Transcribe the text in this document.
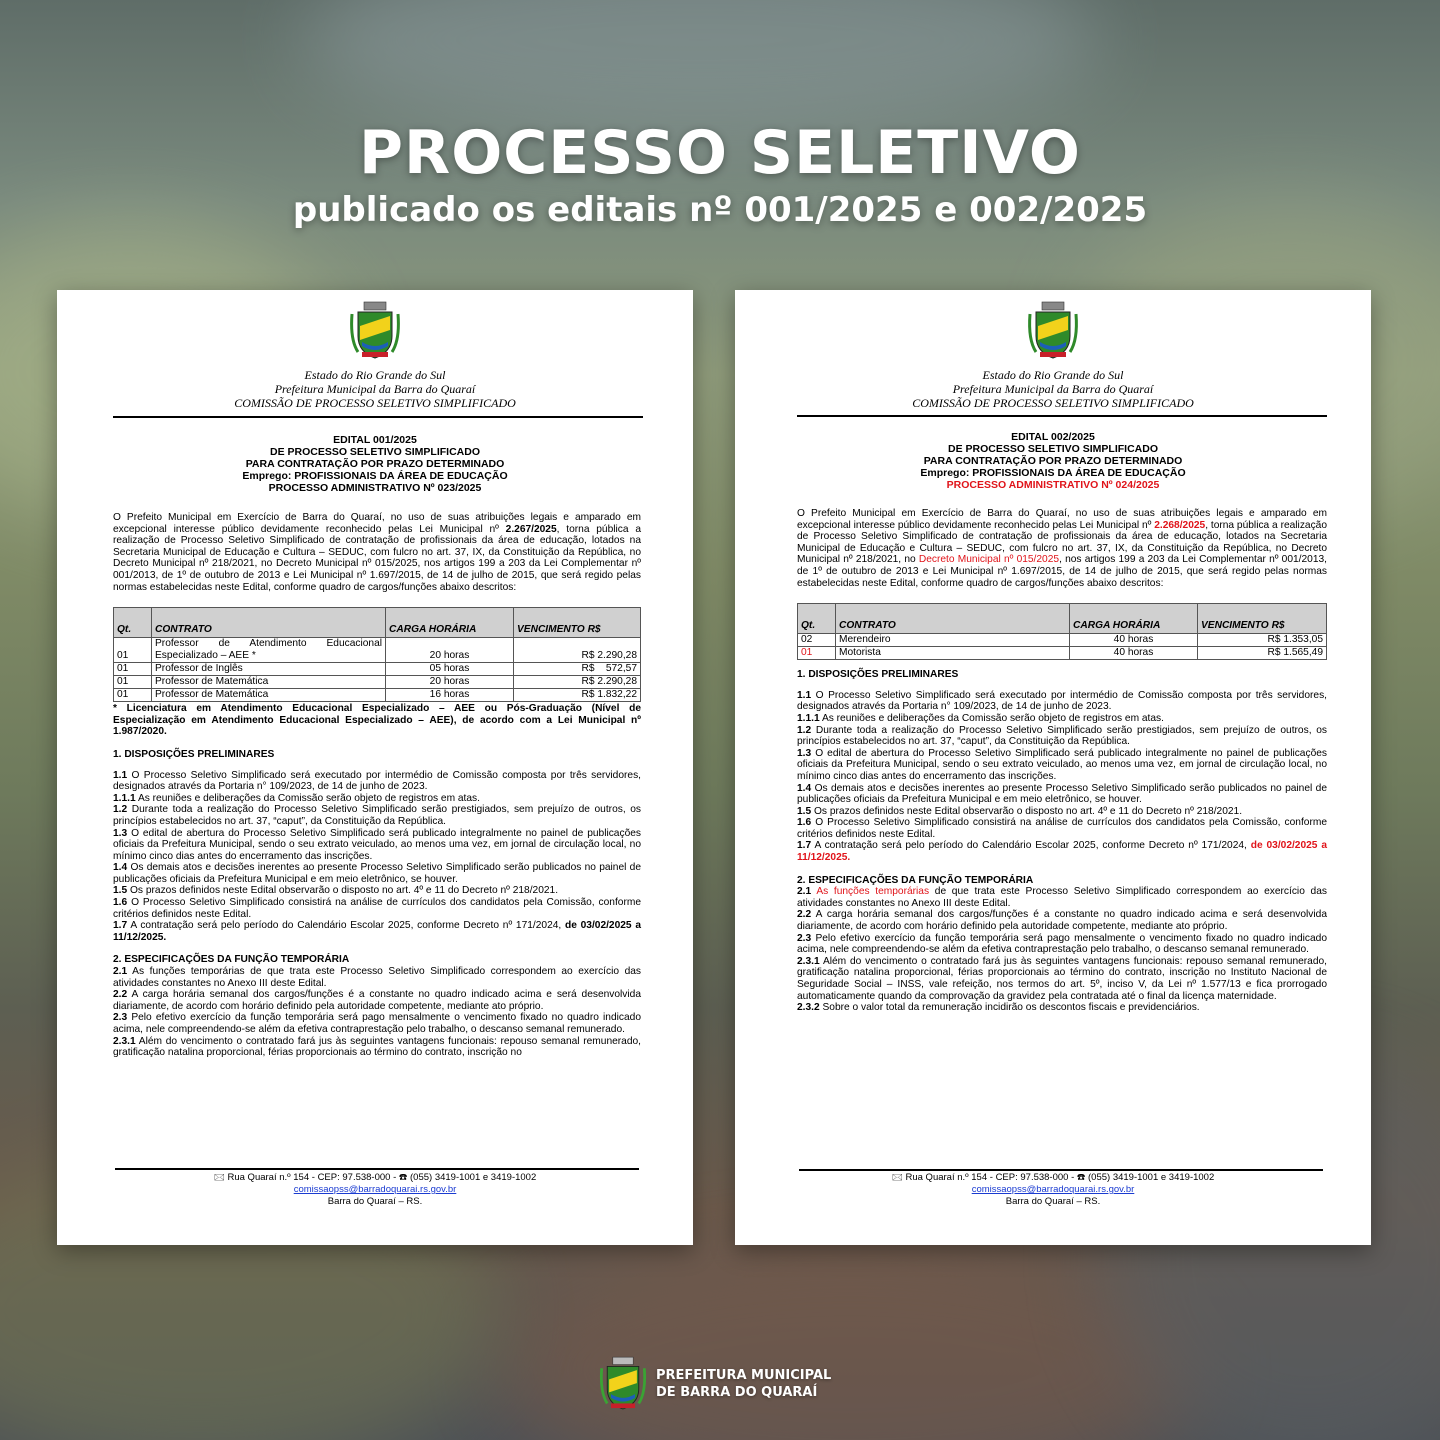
PROCESSO SELETIVO
publicado os editais nº 001/2025 e 002/2025
Estado do Rio Grande do Sul
Prefeitura Municipal da Barra do Quaraí
COMISSÃO DE PROCESSO SELETIVO SIMPLIFICADO
EDITAL 001/2025
DE PROCESSO SELETIVO SIMPLIFICADO
PARA CONTRATAÇÃO POR PRAZO DETERMINADO
Emprego: PROFISSIONAIS DA ÁREA DE EDUCAÇÃO
PROCESSO ADMINISTRATIVO Nº 023/2025

O Prefeito Municipal em Exercício de Barra do Quaraí, no uso de suas atribuições legais e amparado em excepcional interesse público devidamente reconhecido pelas Lei Municipal nº 2.267/2025, torna pública a realização de Processo Seletivo Simplificado de contratação de profissionais da área de educação, lotados na Secretaria Municipal de Educação e Cultura – SEDUC, com fulcro no art. 37, IX, da Constituição da República, no Decreto Municipal nº 218/2021, no Decreto Municipal nº 015/2025, nos artigos 199 a 203 da Lei Complementar nº 001/2013, de 1º de outubro de 2013 e Lei Municipal nº 1.697/2015, de 14 de julho de 2015, que será regido pelas normas estabelecidas neste Edital, conforme quadro de cargos/funções abaixo descritos:

Qt.	CONTRATO	CARGA HORÁRIA	VENCIMENTO R$
01	Professor de Atendimento Educacional Especializado – AEE *	20 horas	R$ 2.290,28
01	Professor de Inglês	05 horas	R$    572,57
01	Professor de Matemática	20 horas	R$ 2.290,28
01	Professor de Matemática	16 horas	R$ 1.832,22

* Licenciatura em Atendimento Educacional Especializado – AEE ou Pós-Graduação (Nível de Especialização em Atendimento Educacional Especializado – AEE), de acordo com a Lei Municipal nº 1.987/2020.

1. DISPOSIÇÕES PRELIMINARES

1.1 O Processo Seletivo Simplificado será executado por intermédio de Comissão composta por três servidores, designados através da Portaria n° 109/2023, de 14 de junho de 2023.

1.1.1 As reuniões e deliberações da Comissão serão objeto de registros em atas.

1.2 Durante toda a realização do Processo Seletivo Simplificado serão prestigiados, sem prejuízo de outros, os princípios estabelecidos no art. 37, “caput”, da Constituição da República.

1.3 O edital de abertura do Processo Seletivo Simplificado será publicado integralmente no painel de publicações oficiais da Prefeitura Municipal, sendo o seu extrato veiculado, ao menos uma vez, em jornal de circulação local, no mínimo cinco dias antes do encerramento das inscrições.

1.4 Os demais atos e decisões inerentes ao presente Processo Seletivo Simplificado serão publicados no painel de publicações oficiais da Prefeitura Municipal e em meio eletrônico, se houver.

1.5 Os prazos definidos neste Edital observarão o disposto no art. 4º e 11 do Decreto nº 218/2021.

1.6 O Processo Seletivo Simplificado consistirá na análise de currículos dos candidatos pela Comissão, conforme critérios definidos neste Edital.

1.7 A contratação será pelo período do Calendário Escolar 2025, conforme Decreto nº 171/2024, de 03/02/2025 a 11/12/2025.

2. ESPECIFICAÇÕES DA FUNÇÃO TEMPORÁRIA

2.1 As funções temporárias de que trata este Processo Seletivo Simplificado correspondem ao exercício das atividades constantes no Anexo III deste Edital.

2.2 A carga horária semanal dos cargos/funções é a constante no quadro indicado acima e será desenvolvida diariamente, de acordo com horário definido pela autoridade competente, mediante ato próprio.

2.3 Pelo efetivo exercício da função temporária será pago mensalmente o vencimento fixado no quadro indicado acima, nele compreendendo-se além da efetiva contraprestação pelo trabalho, o descanso semanal remunerado.

2.3.1 Além do vencimento o contratado fará jus às seguintes vantagens funcionais: repouso semanal remunerado, gratificação natalina proporcional, férias proporcionais ao término do contrato, inscrição no

🖂 Rua Quaraí n.º 154 - CEP: 97.538-000 - ☎ (055) 3419-1001 e 3419-1002
comissaopss@barradoquarai.rs.gov.br
Barra do Quaraí – RS.
Estado do Rio Grande do Sul
Prefeitura Municipal da Barra do Quaraí
COMISSÃO DE PROCESSO SELETIVO SIMPLIFICADO
EDITAL 002/2025
DE PROCESSO SELETIVO SIMPLIFICADO
PARA CONTRATAÇÃO POR PRAZO DETERMINADO
Emprego: PROFISSIONAIS DA ÁREA DE EDUCAÇÃO
PROCESSO ADMINISTRATIVO Nº 024/2025

O Prefeito Municipal em Exercício de Barra do Quaraí, no uso de suas atribuições legais e amparado em excepcional interesse público devidamente reconhecido pelas Lei Municipal nº 2.268/2025, torna pública a realização de Processo Seletivo Simplificado de contratação de profissionais da área de educação, lotados na Secretaria Municipal de Educação e Cultura – SEDUC, com fulcro no art. 37, IX, da Constituição da República, no Decreto Municipal nº 218/2021, no Decreto Municipal nº 015/2025, nos artigos 199 a 203 da Lei Complementar nº 001/2013, de 1º de outubro de 2013 e Lei Municipal nº 1.697/2015, de 14 de julho de 2015, que será regido pelas normas estabelecidas neste Edital, conforme quadro de cargos/funções abaixo descritos:

Qt.	CONTRATO	CARGA HORÁRIA	VENCIMENTO R$
02	Merendeiro	40 horas	R$ 1.353,05
01	Motorista	40 horas	R$ 1.565,49

1. DISPOSIÇÕES PRELIMINARES

1.1 O Processo Seletivo Simplificado será executado por intermédio de Comissão composta por três servidores, designados através da Portaria n° 109/2023, de 14 de junho de 2023.

1.1.1 As reuniões e deliberações da Comissão serão objeto de registros em atas.

1.2 Durante toda a realização do Processo Seletivo Simplificado serão prestigiados, sem prejuízo de outros, os princípios estabelecidos no art. 37, “caput”, da Constituição da República.

1.3 O edital de abertura do Processo Seletivo Simplificado será publicado integralmente no painel de publicações oficiais da Prefeitura Municipal, sendo o seu extrato veiculado, ao menos uma vez, em jornal de circulação local, no mínimo cinco dias antes do encerramento das inscrições.

1.4 Os demais atos e decisões inerentes ao presente Processo Seletivo Simplificado serão publicados no painel de publicações oficiais da Prefeitura Municipal e em meio eletrônico, se houver.

1.5 Os prazos definidos neste Edital observarão o disposto no art. 4º e 11 do Decreto nº 218/2021.

1.6 O Processo Seletivo Simplificado consistirá na análise de currículos dos candidatos pela Comissão, conforme critérios definidos neste Edital.

1.7 A contratação será pelo período do Calendário Escolar 2025, conforme Decreto nº 171/2024, de 03/02/2025 a 11/12/2025.

2. ESPECIFICAÇÕES DA FUNÇÃO TEMPORÁRIA

2.1 As funções temporárias de que trata este Processo Seletivo Simplificado correspondem ao exercício das atividades constantes no Anexo III deste Edital.

2.2 A carga horária semanal dos cargos/funções é a constante no quadro indicado acima e será desenvolvida diariamente, de acordo com horário definido pela autoridade competente, mediante ato próprio.

2.3 Pelo efetivo exercício da função temporária será pago mensalmente o vencimento fixado no quadro indicado acima, nele compreendendo-se além da efetiva contraprestação pelo trabalho, o descanso semanal remunerado.

2.3.1 Além do vencimento o contratado fará jus às seguintes vantagens funcionais: repouso semanal remunerado, gratificação natalina proporcional, férias proporcionais ao término do contrato, inscrição no Instituto Nacional de Seguridade Social – INSS, vale refeição, nos termos do art. 5º, inciso V, da Lei nº 1.577/13 e fica prorrogado automaticamente quando da comprovação da gravidez pela contratada até o final da licença maternidade.

2.3.2 Sobre o valor total da remuneração incidirão os descontos fiscais e previdenciários.

🖂 Rua Quaraí n.º 154 - CEP: 97.538-000 - ☎ (055) 3419-1001 e 3419-1002
comissaopss@barradoquarai.rs.gov.br
Barra do Quaraí – RS.
PREFEITURA MUNICIPAL
DE BARRA DO QUARAÍ
